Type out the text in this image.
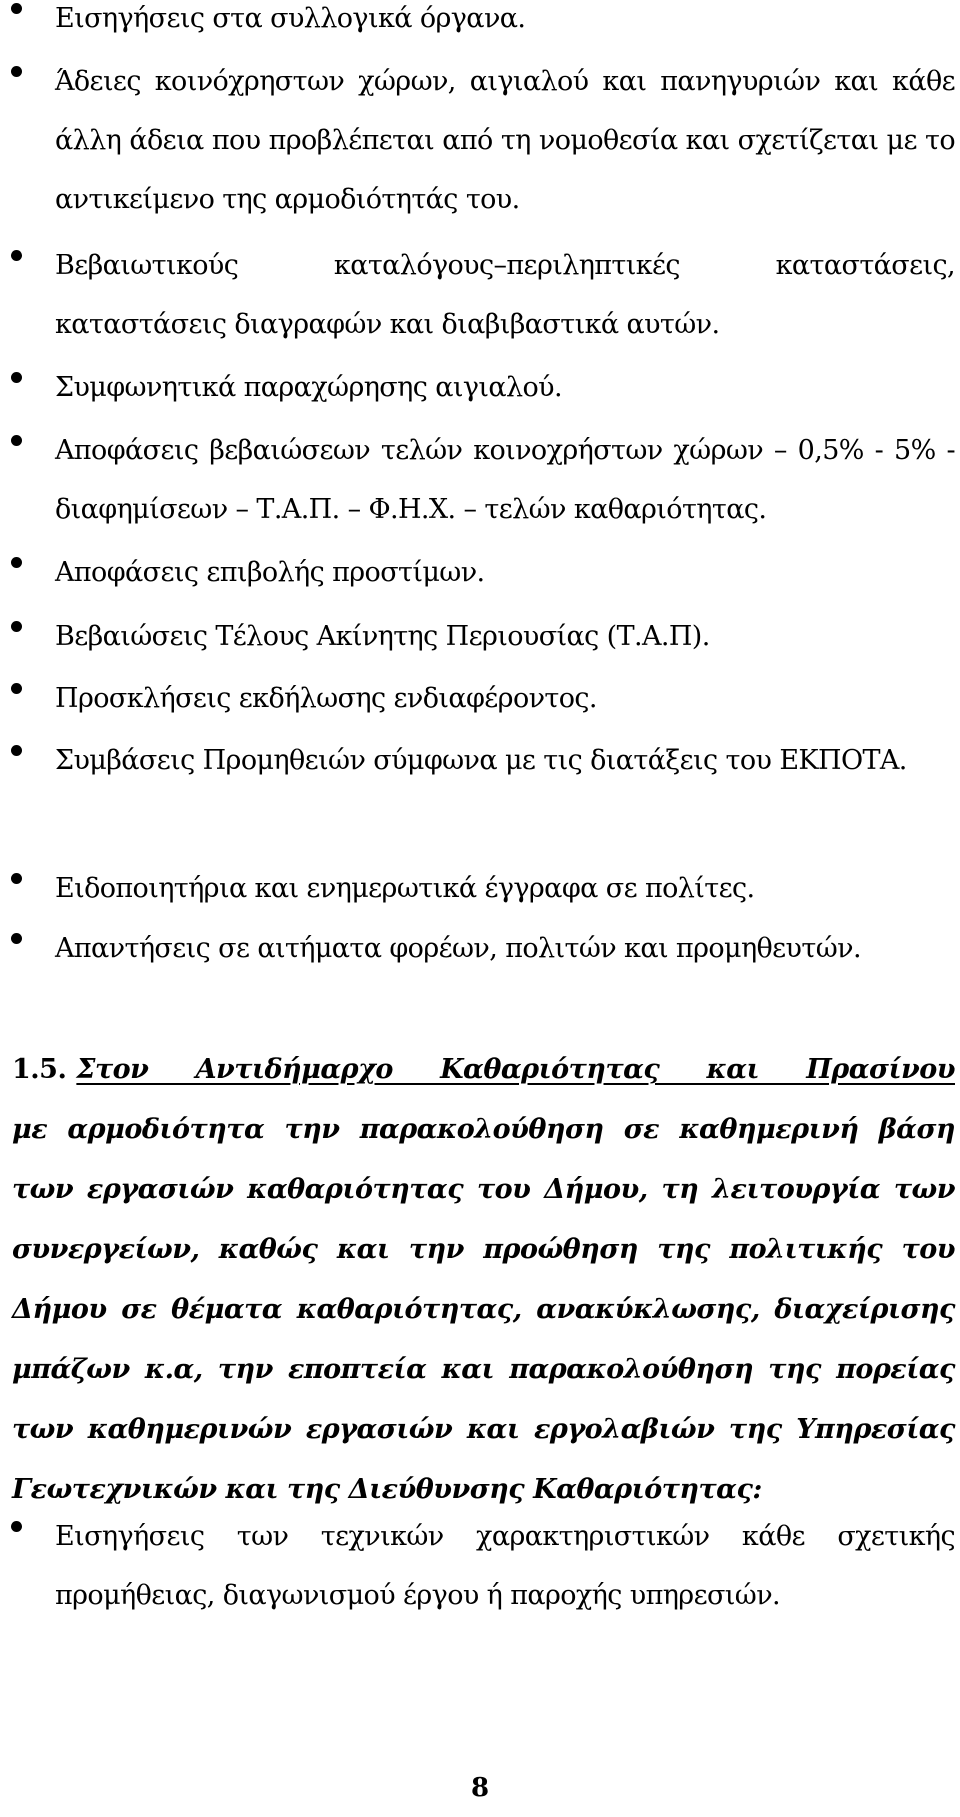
Εισηγήσεις στα συλλογικά όργανα.
Άδειες κοινόχρηστων χώρων, αιγιαλού και πανηγυριών και κάθε άλλη άδεια που προβλέπεται από τη νομοθεσία και σχετίζεται με το αντικείμενο της αρμοδιότητάς του.
Βεβαιωτικούς καταλόγους–περιληπτικές καταστάσεις, καταστάσεις διαγραφών και διαβιβαστικά αυτών.
Συμφωνητικά παραχώρησης αιγιαλού.
Αποφάσεις βεβαιώσεων τελών κοινοχρήστων χώρων – 0,5% - 5% - διαφημίσεων – Τ.Α.Π. – Φ.Η.Χ. – τελών καθαριότητας.
Αποφάσεις επιβολής προστίμων.
Βεβαιώσεις Τέλους Ακίνητης Περιουσίας (Τ.Α.Π).
Προσκλήσεις εκδήλωσης ενδιαφέροντος.
Συμβάσεις Προμηθειών σύμφωνα με τις διατάξεις του ΕΚΠΟΤΑ.
Ειδοποιητήρια και ενημερωτικά έγγραφα σε πολίτες.
Απαντήσεις σε αιτήματα φορέων, πολιτών και προμηθευτών.
1.5. Στον Αντιδήμαρχο Καθαριότητας και Πρασίνου με αρμοδιότητα την παρακολούθηση σε καθημερινή βάση των εργασιών καθαριότητας του Δήμου, τη λειτουργία των συνεργείων, καθώς και την προώθηση της πολιτικής του Δήμου σε θέματα καθαριότητας, ανακύκλωσης, διαχείρισης μπάζων κ.α, την εποπτεία και παρακολούθηση της πορείας των καθημερινών εργασιών και εργολαβιών της Υπηρεσίας Γεωτεχνικών και της Διεύθυνσης Καθαριότητας:
Εισηγήσεις των τεχνικών χαρακτηριστικών κάθε σχετικής προμήθειας, διαγωνισμού έργου ή παροχής υπηρεσιών.
8
